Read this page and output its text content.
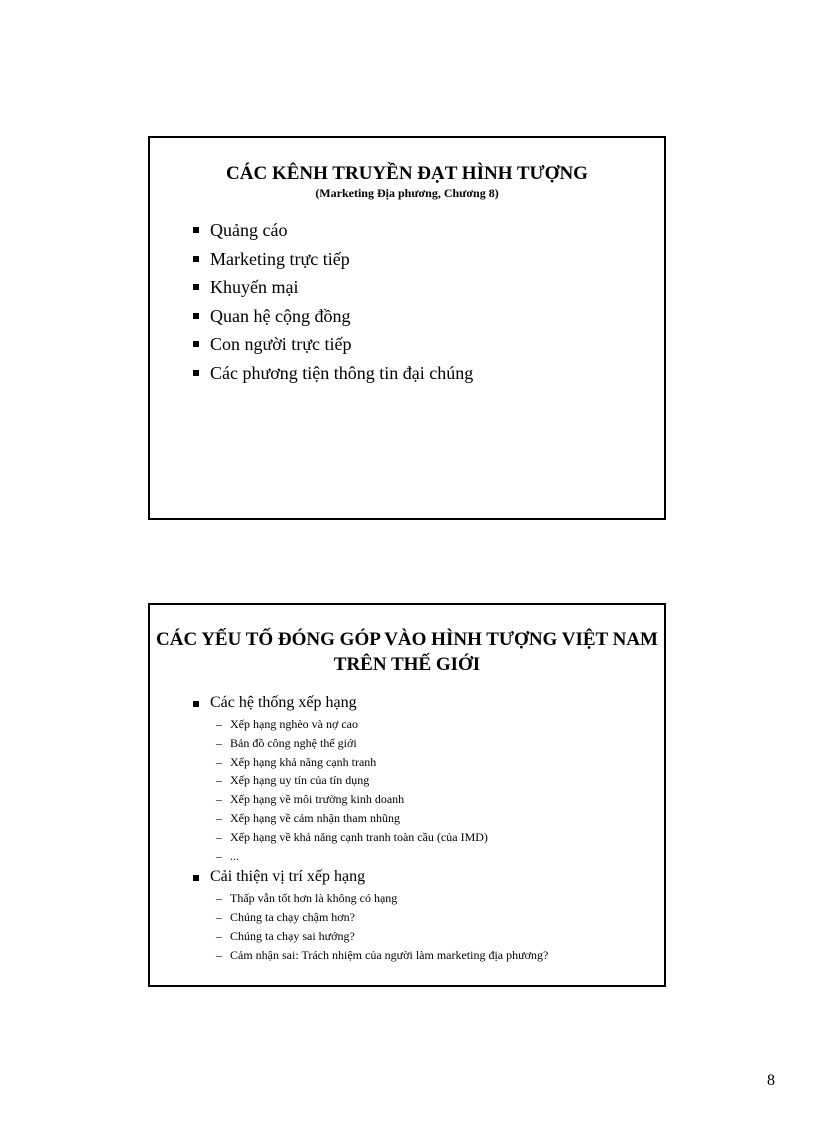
CÁC KÊNH TRUYỀN ĐẠT HÌNH TƯỢNG
(Marketing Địa phương, Chương 8)
Quảng cáo
Marketing trực tiếp
Khuyến mại
Quan hệ cộng đồng
Con người trực tiếp
Các phương tiện thông tin đại chúng
CÁC YẾU TỐ ĐÓNG GÓP VÀO HÌNH TƯỢNG VIỆT NAM
TRÊN THẾ GIỚI
Các hệ thống xếp hạng
– Xếp hạng nghèo và nợ cao
– Bản đồ công nghệ thế giới
– Xếp hạng khả năng cạnh tranh
– Xếp hạng uy tín của tín dụng
– Xếp hạng về môi trường kinh doanh
– Xếp hạng về cảm nhận tham nhũng
– Xếp hạng về khả năng cạnh tranh toàn cầu (của IMD)
– ...
Cải thiện vị trí xếp hạng
– Thấp vẫn tốt hơn là không có hạng
– Chúng ta chạy chậm hơn?
– Chúng ta chạy sai hướng?
– Cảm nhận sai: Trách nhiệm của người làm marketing địa phương?
8
